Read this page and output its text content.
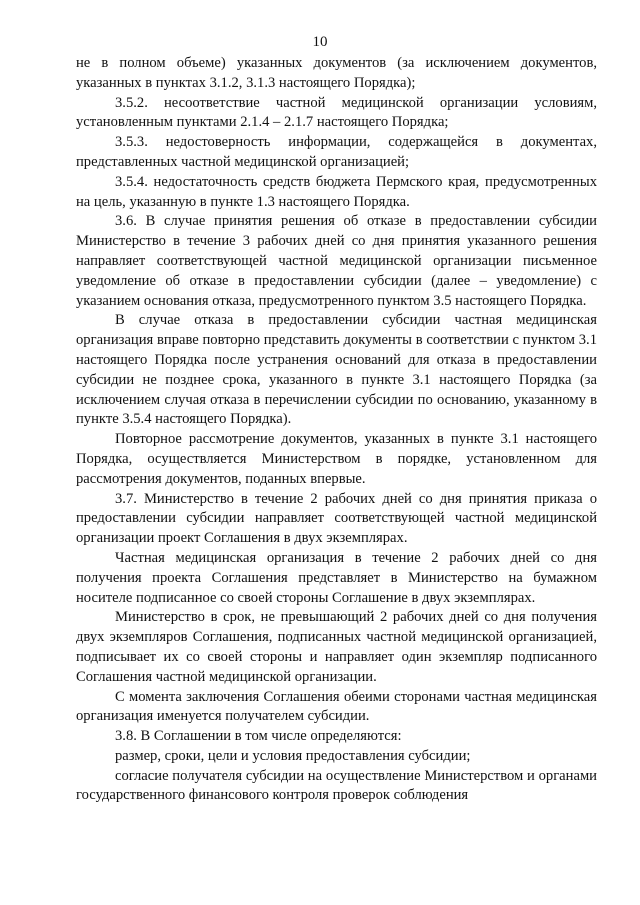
10

не в полном объеме) указанных документов (за исключением документов, указанных в пунктах 3.1.2, 3.1.3 настоящего Порядка);

3.5.2. несоответствие частной медицинской организации условиям, установленным пунктами 2.1.4 – 2.1.7 настоящего Порядка;

3.5.3. недостоверность информации, содержащейся в документах, представленных частной медицинской организацией;

3.5.4. недостаточность средств бюджета Пермского края, предусмотренных на цель, указанную в пункте 1.3 настоящего Порядка.

3.6. В случае принятия решения об отказе в предоставлении субсидии Министерство в течение 3 рабочих дней со дня принятия указанного решения направляет соответствующей частной медицинской организации письменное уведомление об отказе в предоставлении субсидии (далее – уведомление) с указанием основания отказа, предусмотренного пунктом 3.5 настоящего Порядка.

В случае отказа в предоставлении субсидии частная медицинская организация вправе повторно представить документы в соответствии с пунктом 3.1 настоящего Порядка после устранения оснований для отказа в предоставлении субсидии не позднее срока, указанного в пункте 3.1 настоящего Порядка (за исключением случая отказа в перечислении субсидии по основанию, указанному в пункте 3.5.4 настоящего Порядка).

Повторное рассмотрение документов, указанных в пункте 3.1 настоящего Порядка, осуществляется Министерством в порядке, установленном для рассмотрения документов, поданных впервые.

3.7. Министерство в течение 2 рабочих дней со дня принятия приказа о предоставлении субсидии направляет соответствующей частной медицинской организации проект Соглашения в двух экземплярах.

Частная медицинская организация в течение 2 рабочих дней со дня получения проекта Соглашения представляет в Министерство на бумажном носителе подписанное со своей стороны Соглашение в двух экземплярах.

Министерство в срок, не превышающий 2 рабочих дней со дня получения двух экземпляров Соглашения, подписанных частной медицинской организацией, подписывает их со своей стороны и направляет один экземпляр подписанного Соглашения частной медицинской организации.

С момента заключения Соглашения обеими сторонами частная медицинская организация именуется получателем субсидии.

3.8. В Соглашении в том числе определяются:

размер, сроки, цели и условия предоставления субсидии;

согласие получателя субсидии на осуществление Министерством и органами государственного финансового контроля проверок соблюдения
